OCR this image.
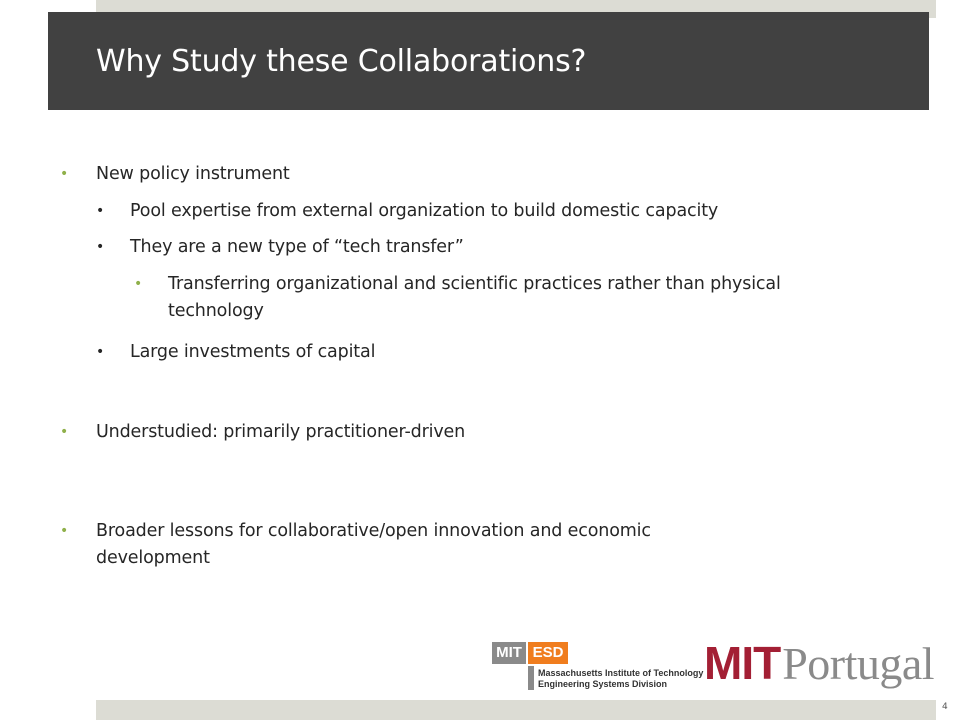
Why Study these Collaborations?
• New policy instrument
• Pool expertise from external organization to build domestic capacity
• They are a new type of “tech transfer”
• Transferring organizational and scientific practices rather than physical technology
• Large investments of capital
• Understudied: primarily practitioner-driven
• Broader lessons for collaborative/open innovation and economic development
MIT ESD
Massachusetts Institute of Technology
Engineering Systems Division MITPortugal
4
